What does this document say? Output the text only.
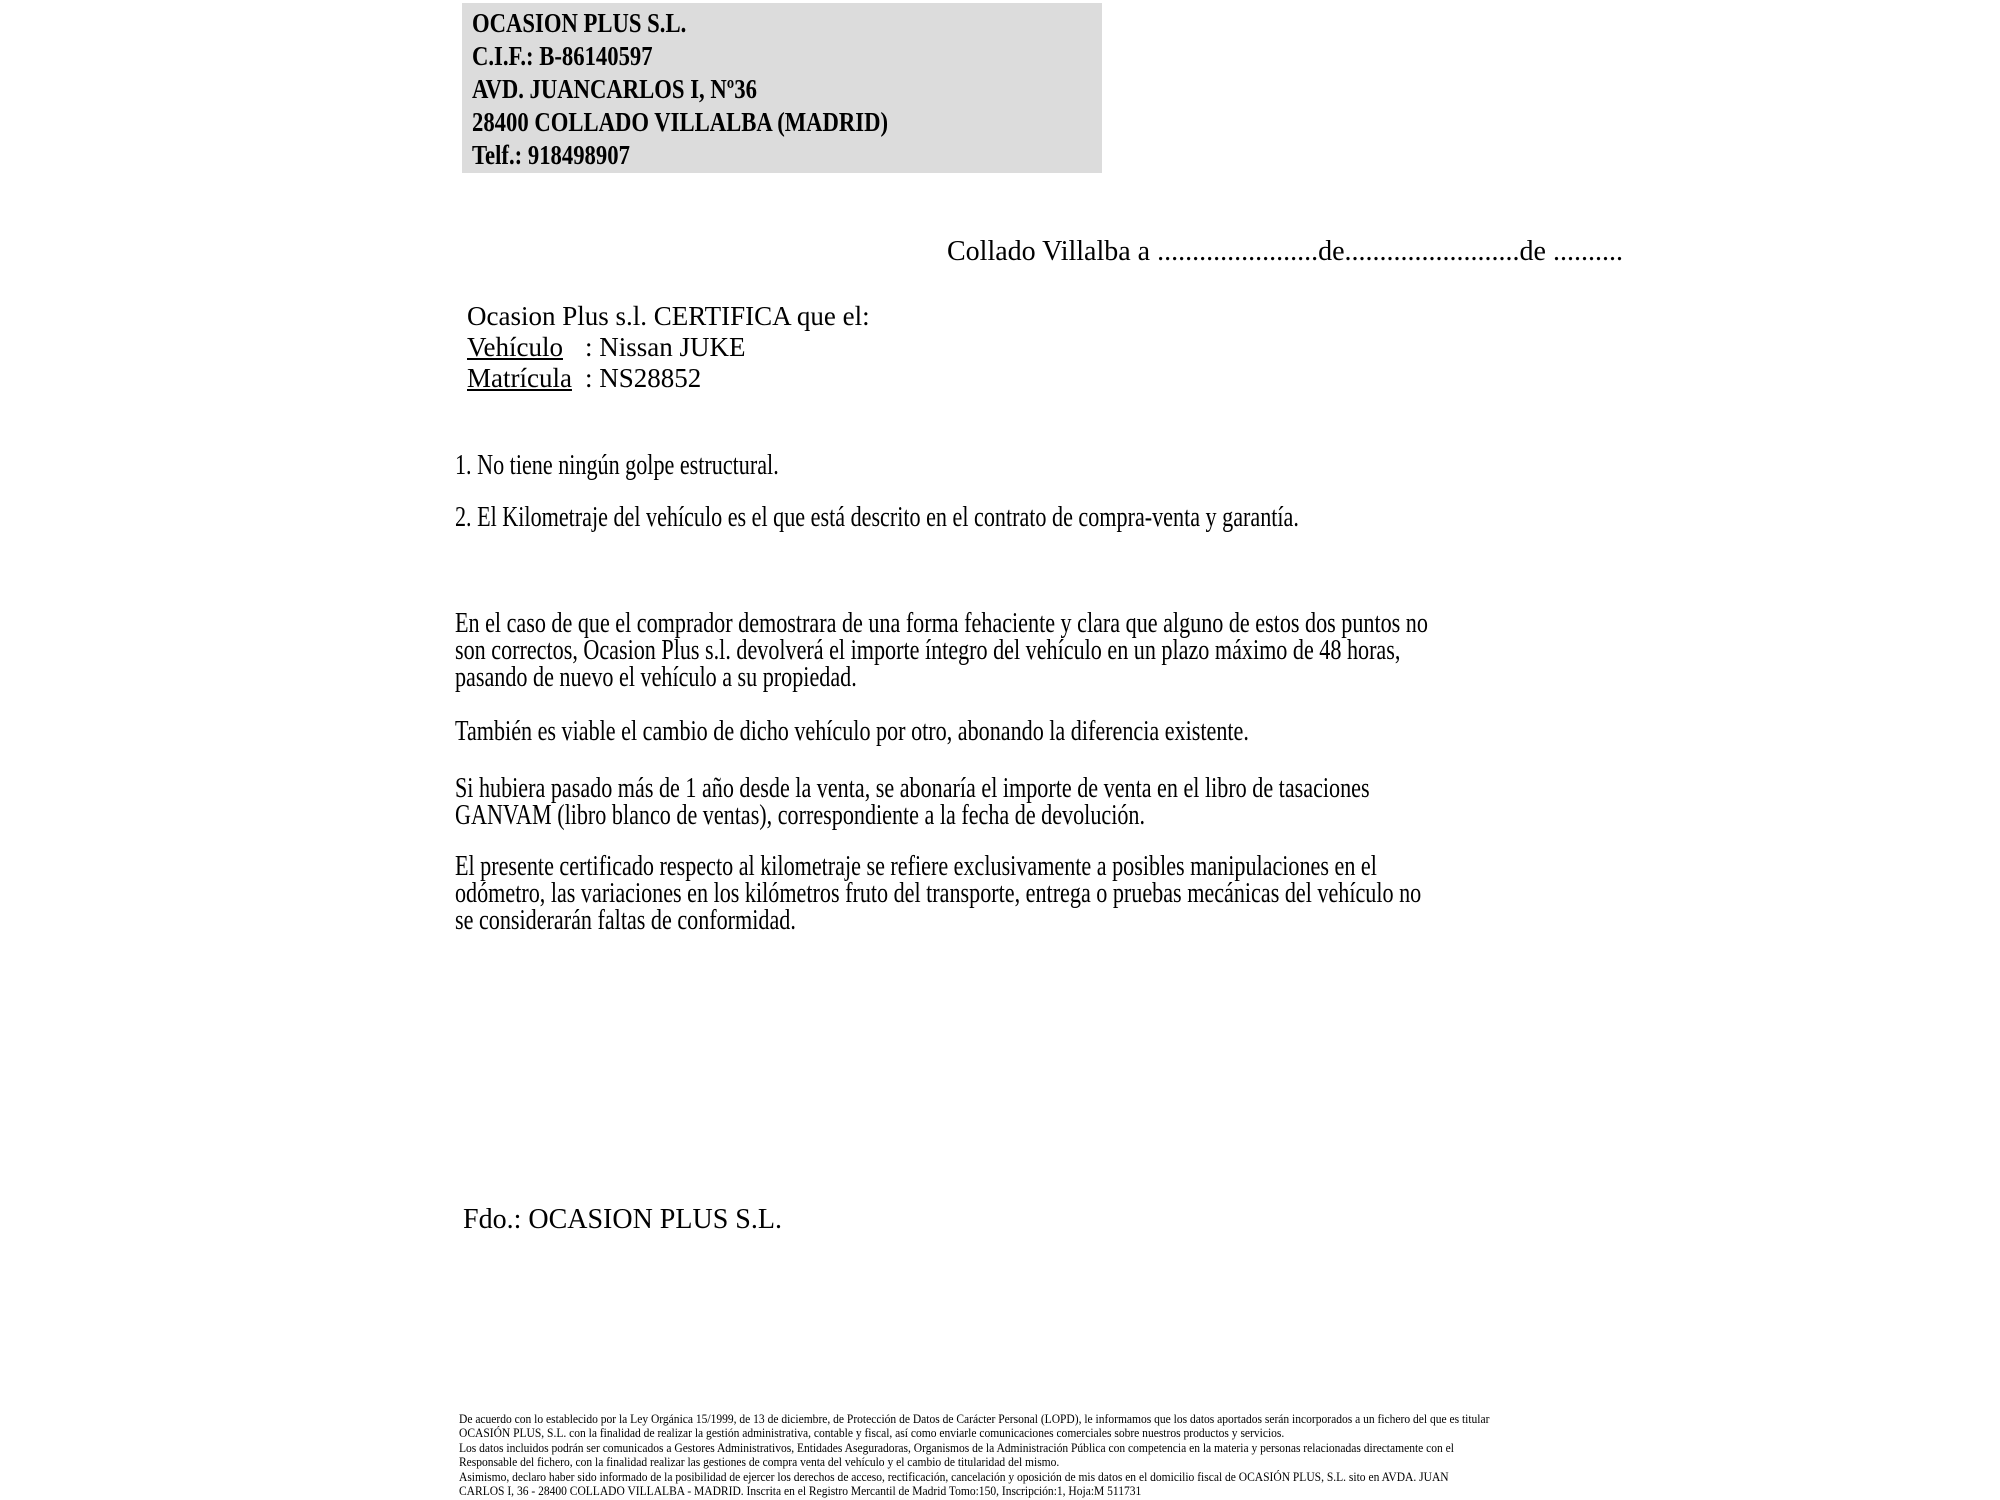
OCASION PLUS S.L.
C.I.F.: B-86140597
AVD. JUANCARLOS I, Nº36
28400 COLLADO VILLALBA (MADRID)
Telf.: 918498907
Collado Villalba a .......................de.........................de ..........
Ocasion Plus s.l. CERTIFICA que el:
Vehículo : Nissan JUKE
Matrícula : NS28852
1. No tiene ningún golpe estructural.
2. El Kilometraje del vehículo es el que está descrito en el contrato de compra-venta y garantía.
En el caso de que el comprador demostrara de una forma fehaciente y clara que alguno de estos dos puntos no
son correctos, Ocasion Plus s.l. devolverá el importe íntegro del vehículo en un plazo máximo de 48 horas,
pasando de nuevo el vehículo a su propiedad.
También es viable el cambio de dicho vehículo por otro, abonando la diferencia existente.
Si hubiera pasado más de 1 año desde la venta, se abonaría el importe de venta en el libro de tasaciones
GANVAM (libro blanco de ventas), correspondiente a la fecha de devolución.
El presente certificado respecto al kilometraje se refiere exclusivamente a posibles manipulaciones en el
odómetro, las variaciones en los kilómetros fruto del transporte, entrega o pruebas mecánicas del vehículo no
se considerarán faltas de conformidad.
Fdo.: OCASION PLUS S.L.
De acuerdo con lo establecido por la Ley Orgánica 15/1999, de 13 de diciembre, de Protección de Datos de Carácter Personal (LOPD), le informamos que los datos aportados serán incorporados a un fichero del que es titular
OCASIÓN PLUS, S.L. con la finalidad de realizar la gestión administrativa, contable y fiscal, así como enviarle comunicaciones comerciales sobre nuestros productos y servicios.
Los datos incluidos podrán ser comunicados a Gestores Administrativos, Entidades Aseguradoras, Organismos de la Administración Pública con competencia en la materia y personas relacionadas directamente con el
Responsable del fichero, con la finalidad realizar las gestiones de compra venta del vehículo y el cambio de titularidad del mismo.
Asimismo, declaro haber sido informado de la posibilidad de ejercer los derechos de acceso, rectificación, cancelación y oposición de mis datos en el domicilio fiscal de OCASIÓN PLUS, S.L. sito en AVDA. JUAN
CARLOS I, 36 - 28400 COLLADO VILLALBA - MADRID. Inscrita en el Registro Mercantil de Madrid Tomo:150, Inscripción:1, Hoja:M 511731
